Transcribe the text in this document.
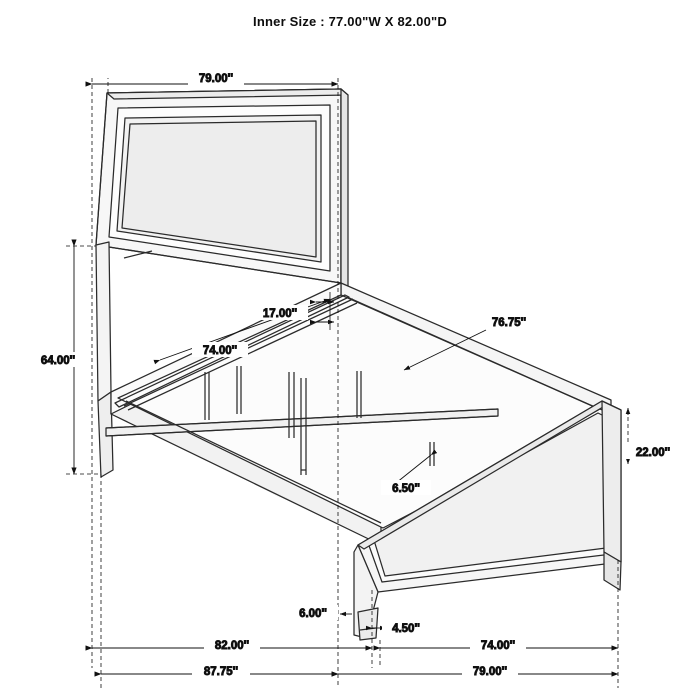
Inner Size : 77.00"W X 82.00"D
79.00''
64.00''
74.00''
17.00''
76.75''
6.50''
22.00''
6.00''
4.50''
82.00''	74.00''
87.75''	79.00''
